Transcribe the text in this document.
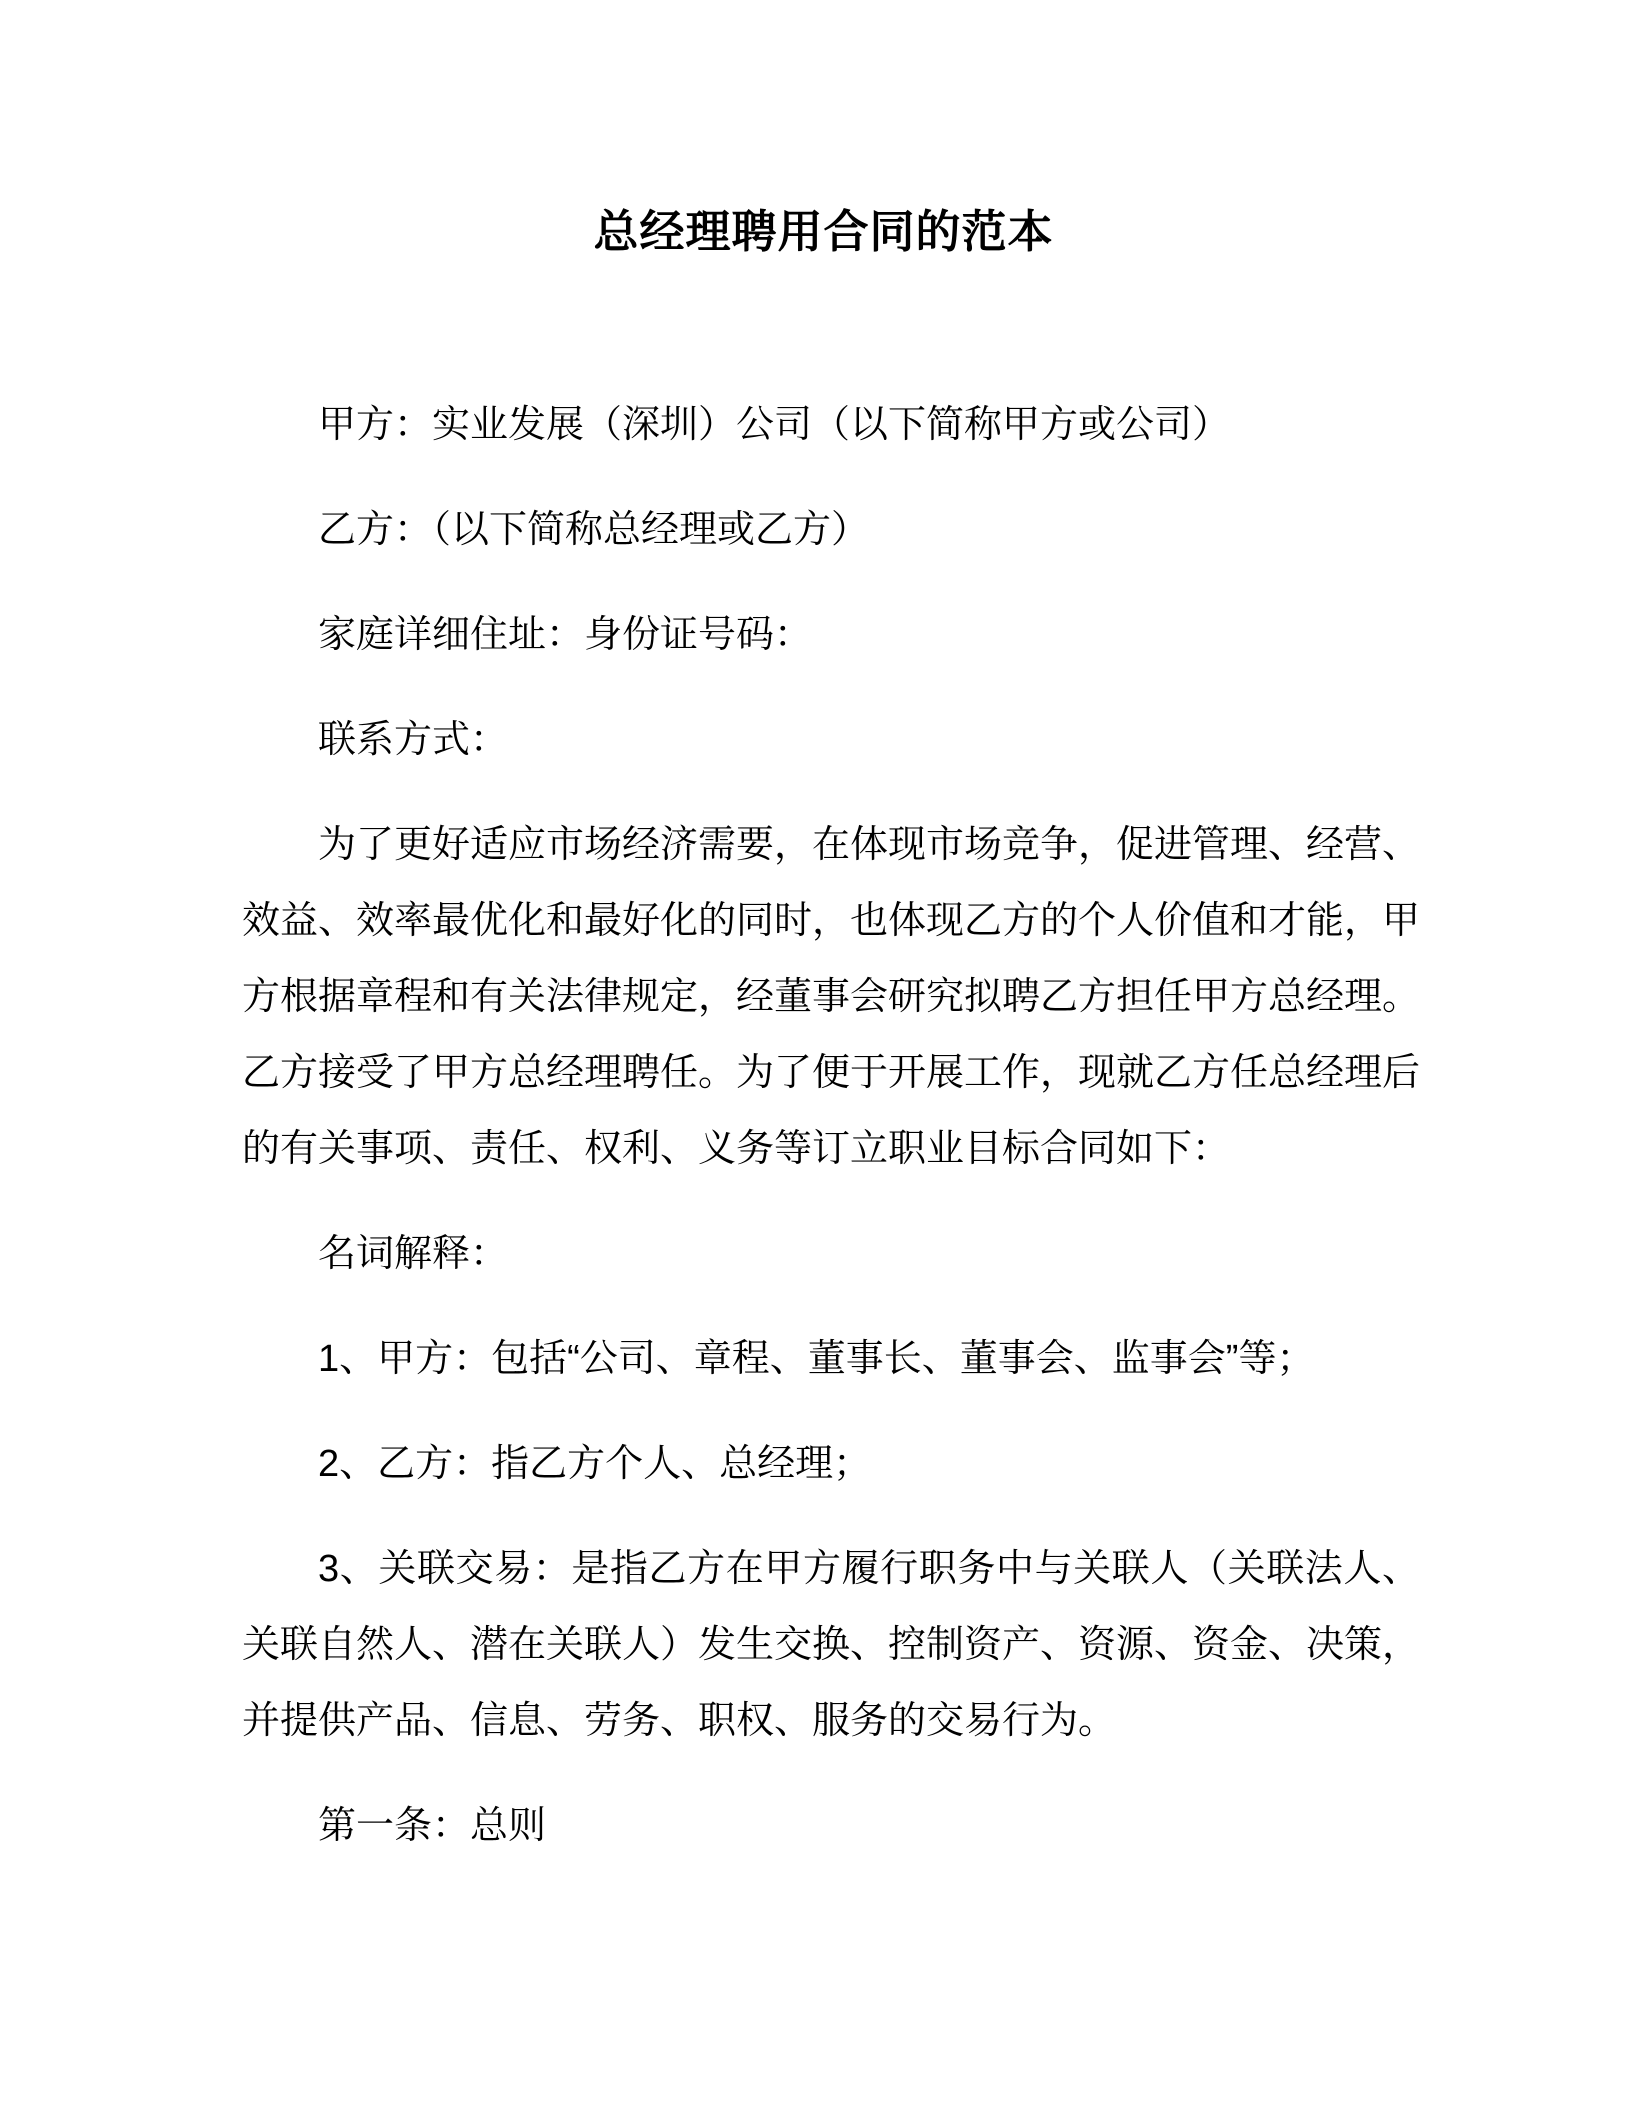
总经理聘用合同的范本

甲方：实业发展（深圳）公司（以下简称甲方或公司）

乙方：（以下简称总经理或乙方）

家庭详细住址：身份证号码：

联系方式：

为了更好适应市场经济需要，在体现市场竞争，促进管理、经营、效益、效率最优化和最好化的同时，也体现乙方的个人价值和才能，甲方根据章程和有关法律规定，经董事会研究拟聘乙方担任甲方总经理。乙方接受了甲方总经理聘任。为了便于开展工作，现就乙方任总经理后的有关事项、责任、权利、义务等订立职业目标合同如下：

名词解释：

1、甲方：包括“公司、章程、董事长、董事会、监事会”等；

2、乙方：指乙方个人、总经理；

3、关联交易：是指乙方在甲方履行职务中与关联人（关联法人、关联自然人、潜在关联人）发生交换、控制资产、资源、资金、决策，并提供产品、信息、劳务、职权、服务的交易行为。

第一条：总则
